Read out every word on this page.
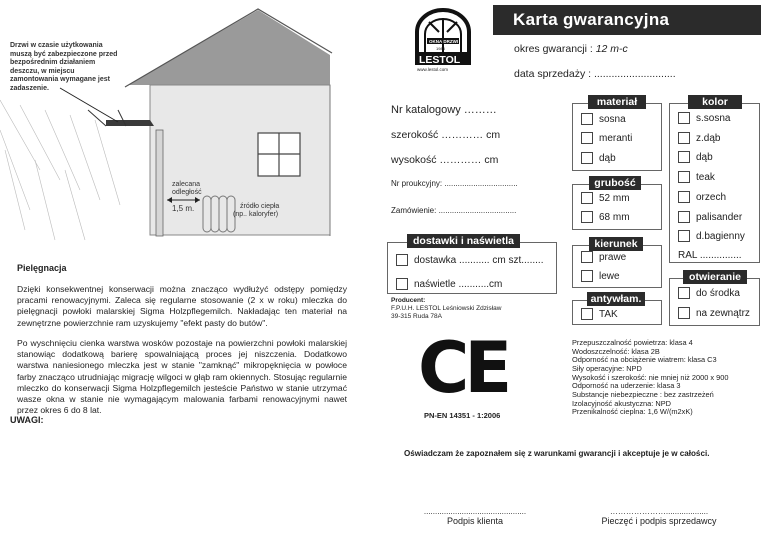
Drzwi w czasie użytkowania muszą być zabezpieczone przed bezpośrednim działaniem deszczu, w miejscu zamontowania wymagane jest zadaszenie.
zalecana
odległość
1,5 m.	źródło ciepła
(np.. kaloryfer)
Pielęgnacja
Dzięki konsekwentnej konserwacji można znacząco wydłużyć odstępy pomiędzy pracami renowacyjnymi. Zaleca się regularne stosowanie (2 x w roku) mleczka do pielęgnacji powłoki malarskiej Sigma Holzpflegemilch. Nakładając ten materiał na zewnętrzne powierzchnie ram uzyskujemy "efekt pasty do butów".
Po wyschnięciu cienka warstwa wosków pozostaje na powierzchni powłoki malarskiej stanowiąc dodatkową barierę spowalniającą proces jej niszczenia. Dodatkowo warstwa naniesionego mleczka jest w stanie "zamknąć" mikropęknięcia w powłoce farby znacząco utrudniając migrację wilgoci w głąb ram okiennych. Stosując regularnie mleczko do konserwacji Sigma Holzpflegemilch jesteście Państwo w stanie utrzymać wasze okna w stanie nie wymagającym malowania farbami renowacyjnymi nawet przez okres 6 do 8 lat.
UWAGI:
OKNA DRZWI
1983
LESTOL
www.lestol.com
Karta gwarancyjna
okres gwarancji : 12 m-c
data sprzedaży : ............................
Nr katalogowy ………
szerokość ………… cm
wysokość ………… cm
Nr proukcyjny: .................................
Zamówienie: ...................................
materiał
sosna
meranti
dąb
kolor
s.sosna
z.dąb
dąb
teak
orzech
palisander
d.bagienny
RAL ...............
grubość
52 mm
68 mm
kierunek
prawe
lewe
antywłam.
TAK
otwieranie
do środka
na zewnątrz
dostawki i naświetla
dostawka ........... cm szt........
naświetle ...........cm
Producent:
F.P.U.H. LESTOL Leśniowski Zdzisław
39-315 Ruda 78A
CE
PN-EN 14351 - 1:2006
Przepuszczalność powietrza: klasa 4
Wodoszczelność: klasa 2B
Odporność na obciążenie wiatrem: klasa C3
Siły operacyjne: NPD
Wysokość i szerokość: nie mniej niż 2000 x 900
Odporność na uderzenie: klasa 3
Substancje niebezpieczne : bez zastrzeżeń
Izolacyjność akustyczna: NPD
Przenikalność cieplna: 1,6 W/(m2xK)
Oświadczam że zapoznałem się z warunkami gwarancji i akceptuje je w całości.
..............................................
Podpis klienta
…………………...................
Pieczęć i podpis sprzedawcy
